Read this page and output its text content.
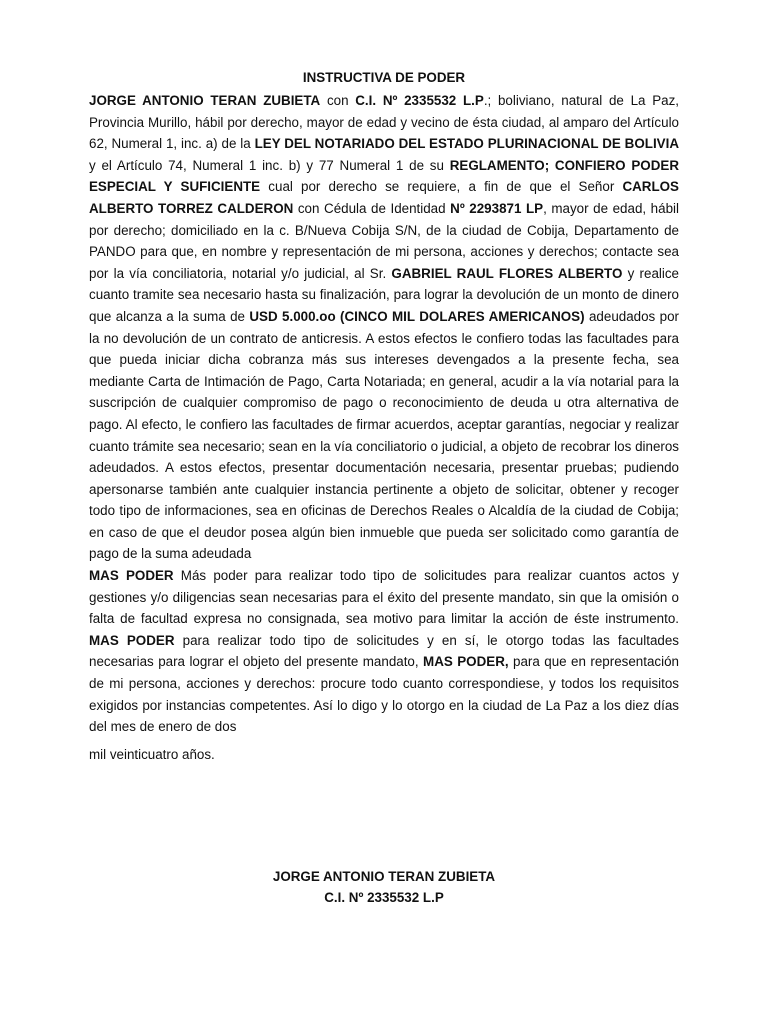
INSTRUCTIVA DE PODER

JORGE ANTONIO TERAN ZUBIETA con C.I. Nº 2335532 L.P.; boliviano, natural de La Paz, Provincia Murillo, hábil por derecho, mayor de edad y vecino de ésta ciudad, al amparo del Artículo 62, Numeral 1, inc. a) de la LEY DEL NOTARIADO DEL ESTADO PLURINACIONAL DE BOLIVIA y el Artículo 74, Numeral 1 inc. b) y 77 Numeral 1 de su REGLAMENTO; CONFIERO PODER ESPECIAL Y SUFICIENTE cual por derecho se requiere, a fin de que el Señor CARLOS ALBERTO TORREZ CALDERON con Cédula de Identidad Nº 2293871 LP, mayor de edad, hábil por derecho; domiciliado en la c. B/Nueva Cobija S/N, de la ciudad de Cobija, Departamento de PANDO para que, en nombre y representación de mi persona, acciones y derechos; contacte sea por la vía conciliatoria, notarial y/o judicial, al Sr. GABRIEL RAUL FLORES ALBERTO y realice cuanto tramite sea necesario hasta su finalización, para lograr la devolución de un monto de dinero que alcanza a la suma de USD 5.000.oo (CINCO MIL DOLARES AMERICANOS) adeudados por la no devolución de un contrato de anticresis. A estos efectos le confiero todas las facultades para que pueda iniciar dicha cobranza más sus intereses devengados a la presente fecha, sea mediante Carta de Intimación de Pago, Carta Notariada; en general, acudir a la vía notarial para la suscripción de cualquier compromiso de pago o reconocimiento de deuda u otra alternativa de pago. Al efecto, le confiero las facultades de firmar acuerdos, aceptar garantías, negociar y realizar cuanto trámite sea necesario; sean en la vía conciliatorio o judicial, a objeto de recobrar los dineros adeudados. A estos efectos, presentar documentación necesaria, presentar pruebas; pudiendo apersonarse también ante cualquier instancia pertinente a objeto de solicitar, obtener y recoger todo tipo de informaciones, sea en oficinas de Derechos Reales o Alcaldía de la ciudad de Cobija; en caso de que el deudor posea algún bien inmueble que pueda ser solicitado como garantía de pago de la suma adeudada

MAS PODER Más poder para realizar todo tipo de solicitudes para realizar cuantos actos y gestiones y/o diligencias sean necesarias para el éxito del presente mandato, sin que la omisión o falta de facultad expresa no consignada, sea motivo para limitar la acción de éste instrumento. MAS PODER para realizar todo tipo de solicitudes y en sí, le otorgo todas las facultades necesarias para lograr el objeto del presente mandato, MAS PODER, para que en representación de mi persona, acciones y derechos: procure todo cuanto correspondiese, y todos los requisitos exigidos por instancias competentes. Así lo digo y lo otorgo en la ciudad de La Paz a los diez días del mes de enero de dos

mil veinticuatro años.

JORGE ANTONIO TERAN ZUBIETA
C.I. Nº 2335532 L.P
